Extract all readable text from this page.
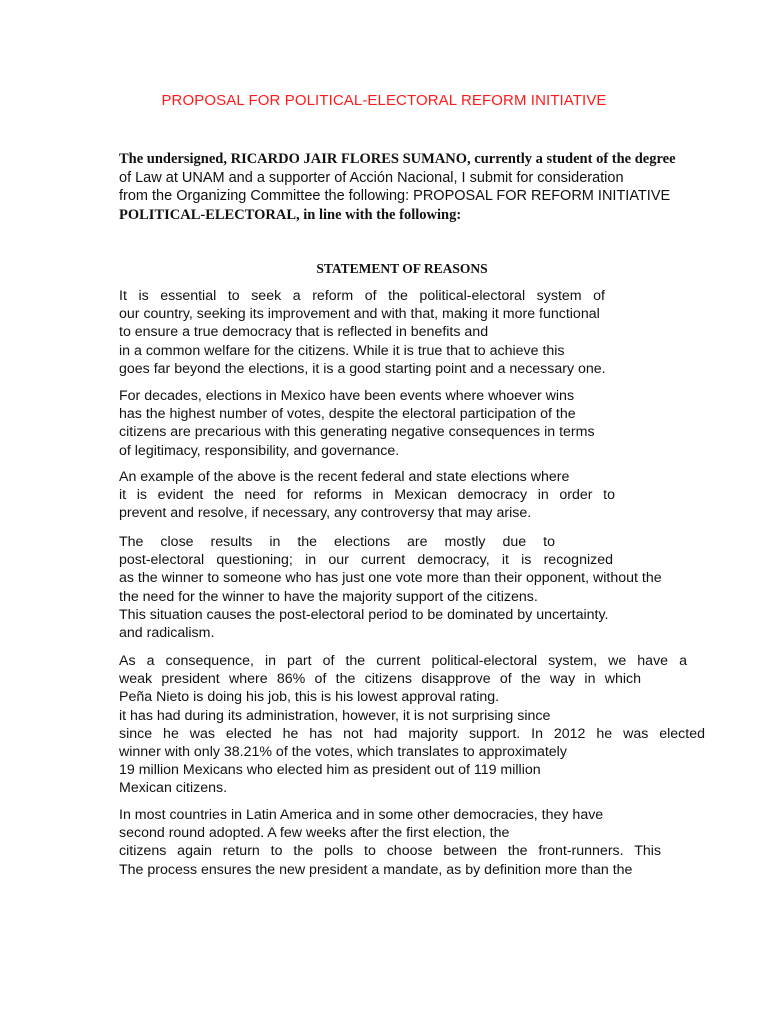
PROPOSAL FOR POLITICAL-ELECTORAL REFORM INITIATIVE
The undersigned, RICARDO JAIR FLORES SUMANO, currently a student of the degree
of Law at UNAM and a supporter of Acción Nacional, I submit for consideration
from the Organizing Committee the following: PROPOSAL FOR REFORM INITIATIVE
POLITICAL-ELECTORAL, in line with the following:
STATEMENT OF REASONS
It is essential to seek a reform of the political-electoral system of
our country, seeking its improvement and with that, making it more functional
to ensure a true democracy that is reflected in benefits and
in a common welfare for the citizens. While it is true that to achieve this
goes far beyond the elections, it is a good starting point and a necessary one.
For decades, elections in Mexico have been events where whoever wins
has the highest number of votes, despite the electoral participation of the
citizens are precarious with this generating negative consequences in terms
of legitimacy, responsibility, and governance.
An example of the above is the recent federal and state elections where
it is evident the need for reforms in Mexican democracy in order to
prevent and resolve, if necessary, any controversy that may arise.
The close results in the elections are mostly due to
post-electoral questioning; in our current democracy, it is recognized
as the winner to someone who has just one vote more than their opponent, without the
the need for the winner to have the majority support of the citizens.
This situation causes the post-electoral period to be dominated by uncertainty.
and radicalism.
As a consequence, in part of the current political-electoral system, we have a
weak president where 86% of the citizens disapprove of the way in which
Peña Nieto is doing his job, this is his lowest approval rating.
it has had during its administration, however, it is not surprising since
since he was elected he has not had majority support. In 2012 he was elected
winner with only 38.21% of the votes, which translates to approximately
19 million Mexicans who elected him as president out of 119 million
Mexican citizens.
In most countries in Latin America and in some other democracies, they have
second round adopted. A few weeks after the first election, the
citizens again return to the polls to choose between the front-runners. This
The process ensures the new president a mandate, as by definition more than the
